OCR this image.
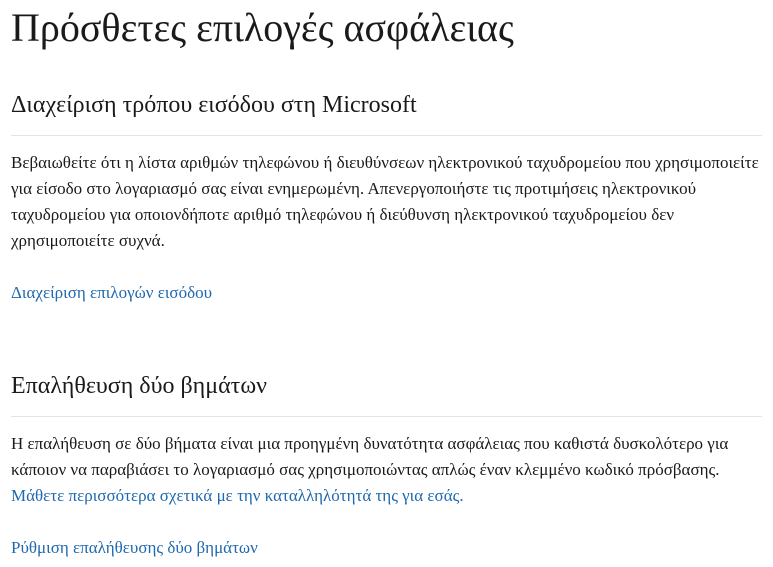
Πρόσθετες επιλογές ασφάλειας
Διαχείριση τρόπου εισόδου στη Microsoft

Βεβαιωθείτε ότι η λίστα αριθμών τηλεφώνου ή διευθύνσεων ηλεκτρονικού ταχυδρομείου που χρησιμοποιείτε για είσοδο στο λογαριασμό σας είναι ενημερωμένη. Απενεργοποιήστε τις προτιμήσεις ηλεκτρονικού ταχυδρομείου για οποιονδήποτε αριθμό τηλεφώνου ή διεύθυνση ηλεκτρονικού ταχυδρομείου δεν χρησιμοποιείτε συχνά.

Διαχείριση επιλογών εισόδου
Επαλήθευση δύο βημάτων

Η επαλήθευση σε δύο βήματα είναι μια προηγμένη δυνατότητα ασφάλειας που καθιστά δυσκολότερο για κάποιον να παραβιάσει το λογαριασμό σας χρησιμοποιώντας απλώς έναν κλεμμένο κωδικό πρόσβασης. Μάθετε περισσότερα σχετικά με την καταλληλότητά της για εσάς.

Ρύθμιση επαλήθευσης δύο βημάτων
